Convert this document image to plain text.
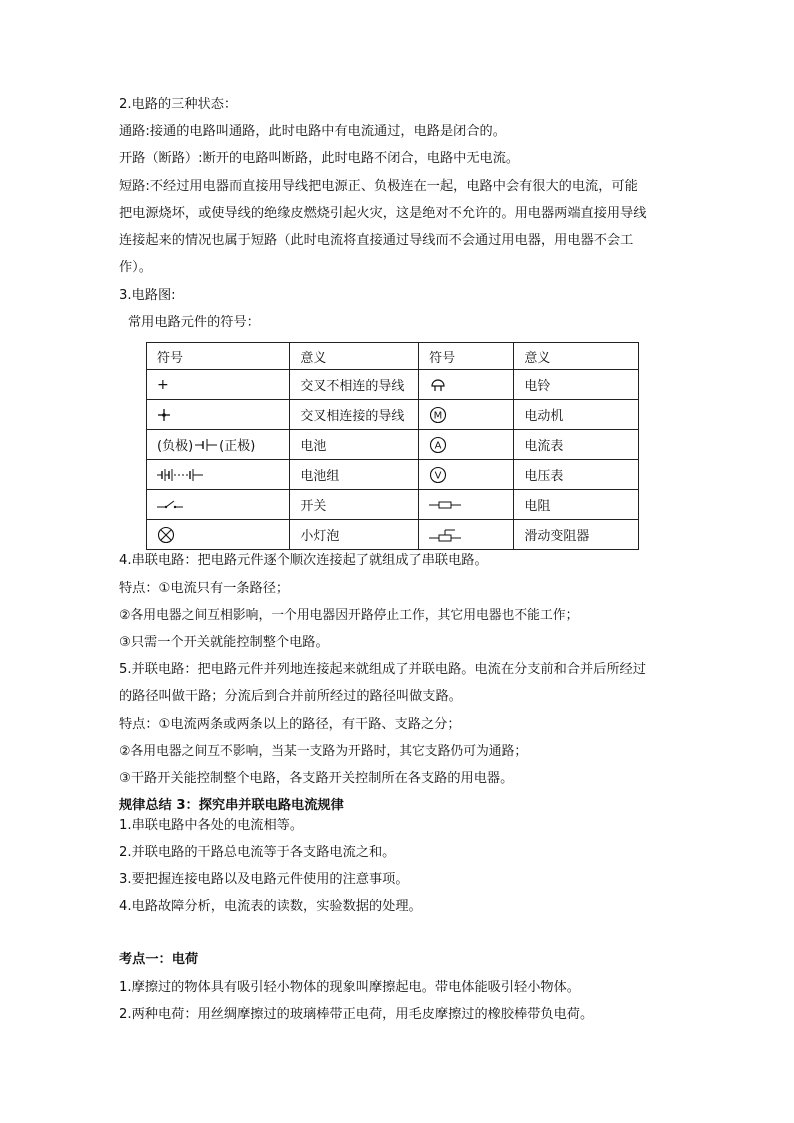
2.电路的三种状态：
通路:接通的电路叫通路，此时电路中有电流通过，电路是闭合的。
开路（断路）:断开的电路叫断路，此时电路不闭合，电路中无电流。
短路:不经过用电器而直接用导线把电源正、负极连在一起，电路中会有很大的电流，可能
把电源烧坏，或使导线的绝缘皮燃烧引起火灾，这是绝对不允许的。用电器两端直接用导线
连接起来的情况也属于短路（此时电流将直接通过导线而不会通过用电器，用电器不会工
作）。
3.电路图:
常用电路元件的符号：
符号	意义	符号	意义
+	交叉不相连的导线		电铃

	交叉相连接的导线	M	电动机

(负极) (正极)	电池	A	电流表

	电池组	V	电压表

	开关		电阻

	小灯泡		滑动变阻器
4.串联电路：把电路元件逐个顺次连接起了就组成了串联电路。
特点：①电流只有一条路径；
②各用电器之间互相影响，一个用电器因开路停止工作，其它用电器也不能工作；
③只需一个开关就能控制整个电路。
5.并联电路：把电路元件并列地连接起来就组成了并联电路。电流在分支前和合并后所经过
的路径叫做干路；分流后到合并前所经过的路径叫做支路。
特点：①电流两条或两条以上的路径，有干路、支路之分；
②各用电器之间互不影响，当某一支路为开路时，其它支路仍可为通路；
③干路开关能控制整个电路，各支路开关控制所在各支路的用电器。
规律总结 3：探究串并联电路电流规律
1.串联电路中各处的电流相等。
2.并联电路的干路总电流等于各支路电流之和。
3.要把握连接电路以及电路元件使用的注意事项。
4.电路故障分析，电流表的读数，实验数据的处理。
考点一：电荷
1.摩擦过的物体具有吸引轻小物体的现象叫摩擦起电。带电体能吸引轻小物体。
2.两种电荷：用丝绸摩擦过的玻璃棒带正电荷，用毛皮摩擦过的橡胶棒带负电荷。
